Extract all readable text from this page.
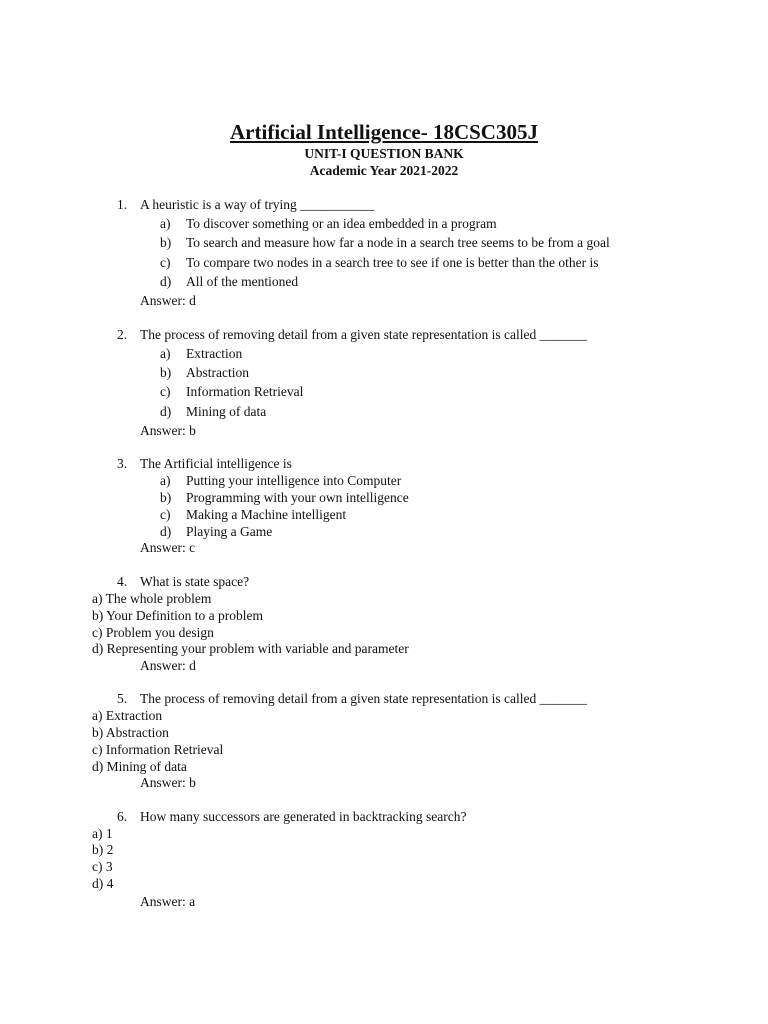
Artificial Intelligence- 18CSC305J
UNIT-I QUESTION BANK
Academic Year 2021-2022
1. A heuristic is a way of trying ___________
a)	To discover something or an idea embedded in a program
b)	To search and measure how far a node in a search tree seems to be from a goal
c)	To compare two nodes in a search tree to see if one is better than the other is
d)	All of the mentioned
Answer: d
2. The process of removing detail from a given state representation is called _______
a)	Extraction
b)	Abstraction
c)	Information Retrieval
d)	Mining of data
Answer: b
3. The Artificial intelligence is
a)	Putting your intelligence into Computer
b)	Programming with your own intelligence
c)	Making a Machine intelligent
d)	Playing a Game
Answer: c
4. What is state space?
a) The whole problem
b) Your Definition to a problem
c) Problem you design
d) Representing your problem with variable and parameter
Answer: d
5. The process of removing detail from a given state representation is called _______
a) Extraction
b) Abstraction
c) Information Retrieval
d) Mining of data
Answer: b
6. How many successors are generated in backtracking search?
a) 1
b) 2
c) 3
d) 4
Answer: a
